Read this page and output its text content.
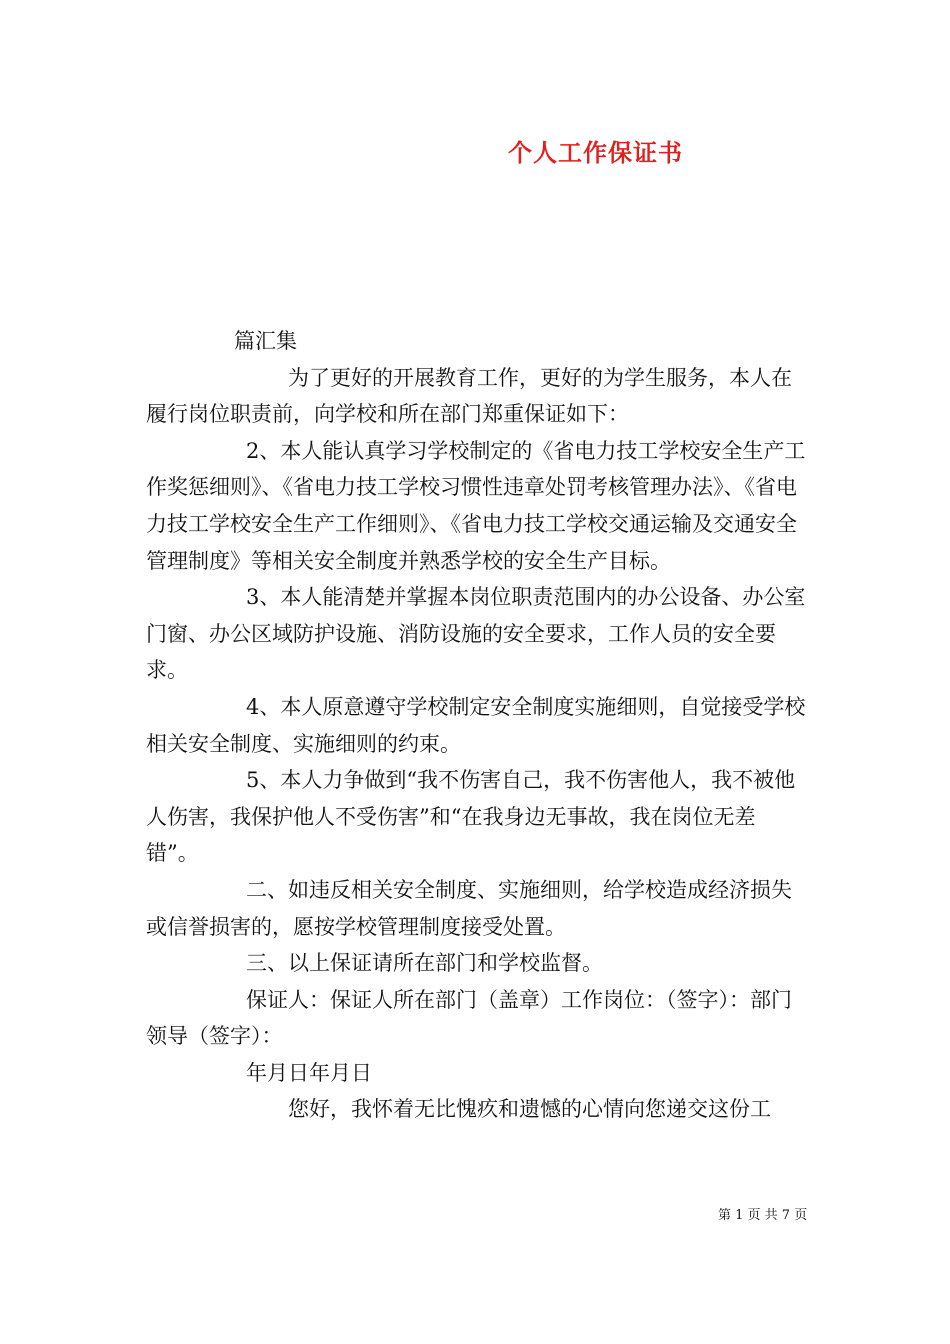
个人工作保证书

篇汇集

为了更好的开展教育工作，更好的为学生服务，本人在履行岗位职责前，向学校和所在部门郑重保证如下：

2、本人能认真学习学校制定的《省电力技工学校安全生产工作奖惩细则》、《省电力技工学校习惯性违章处罚考核管理办法》、《省电力技工学校安全生产工作细则》、《省电力技工学校交通运输及交通安全管理制度》等相关安全制度并熟悉学校的安全生产目标。

3、本人能清楚并掌握本岗位职责范围内的办公设备、办公室门窗、办公区域防护设施、消防设施的安全要求，工作人员的安全要求。

4、本人原意遵守学校制定安全制度实施细则，自觉接受学校相关安全制度、实施细则的约束。

5、本人力争做到“我不伤害自己，我不伤害他人，我不被他人伤害，我保护他人不受伤害”和“在我身边无事故，我在岗位无差错”。

二、如违反相关安全制度、实施细则，给学校造成经济损失或信誉损害的，愿按学校管理制度接受处置。

三、以上保证请所在部门和学校监督。

保证人：保证人所在部门（盖章）工作岗位：（签字）：部门领导（签字）：

年月日年月日

您好，我怀着无比愧疚和遗憾的心情向您递交这份工

第 1 页 共 7 页
